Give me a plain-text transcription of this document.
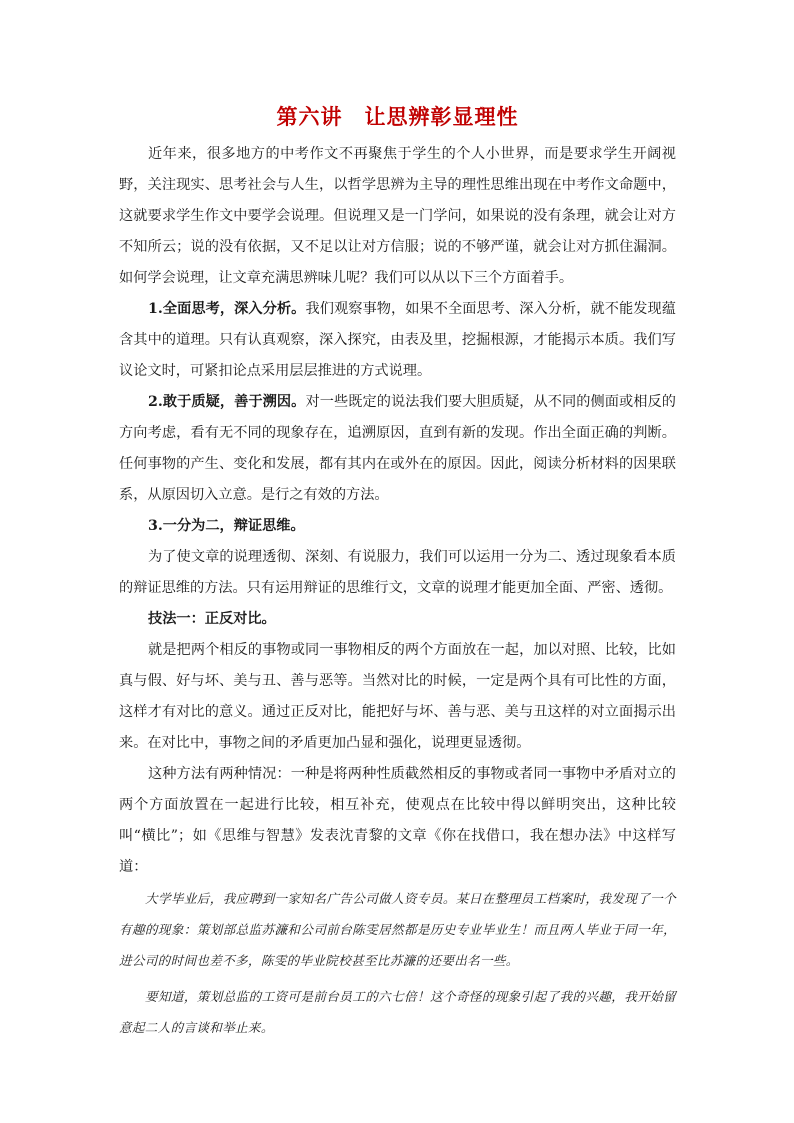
第六讲　让思辨彰显理性

近年来，很多地方的中考作文不再聚焦于学生的个人小世界，而是要求学生开阔视野，关注现实、思考社会与人生，以哲学思辨为主导的理性思维出现在中考作文命题中，这就要求学生作文中要学会说理。但说理又是一门学问，如果说的没有条理，就会让对方不知所云；说的没有依据，又不足以让对方信服；说的不够严谨，就会让对方抓住漏洞。如何学会说理，让文章充满思辨味儿呢？我们可以从以下三个方面着手。

1.全面思考，深入分析。我们观察事物，如果不全面思考、深入分析，就不能发现蕴含其中的道理。只有认真观察，深入探究，由表及里，挖掘根源，才能揭示本质。我们写议论文时，可紧扣论点采用层层推进的方式说理。

2.敢于质疑，善于溯因。对一些既定的说法我们要大胆质疑，从不同的侧面或相反的方向考虑，看有无不同的现象存在，追溯原因，直到有新的发现。作出全面正确的判断。任何事物的产生、变化和发展，都有其内在或外在的原因。因此，阅读分析材料的因果联系，从原因切入立意。是行之有效的方法。

3.一分为二，辩证思维。

为了使文章的说理透彻、深刻、有说服力，我们可以运用一分为二、透过现象看本质的辩证思维的方法。只有运用辩证的思维行文，文章的说理才能更加全面、严密、透彻。

技法一：正反对比。

就是把两个相反的事物或同一事物相反的两个方面放在一起，加以对照、比较，比如真与假、好与坏、美与丑、善与恶等。当然对比的时候，一定是两个具有可比性的方面，这样才有对比的意义。通过正反对比，能把好与坏、善与恶、美与丑这样的对立面揭示出来。在对比中，事物之间的矛盾更加凸显和强化，说理更显透彻。

这种方法有两种情况：一种是将两种性质截然相反的事物或者同一事物中矛盾对立的两个方面放置在一起进行比较，相互补充，使观点在比较中得以鲜明突出，这种比较叫“横比”；如《思维与智慧》发表沈青黎的文章《你在找借口，我在想办法》中这样写道：

大学毕业后，我应聘到一家知名广告公司做人资专员。某日在整理员工档案时，我发现了一个有趣的现象：策划部总监苏濂和公司前台陈雯居然都是历史专业毕业生！而且两人毕业于同一年，进公司的时间也差不多，陈雯的毕业院校甚至比苏濂的还要出名一些。

要知道，策划总监的工资可是前台员工的六七倍！这个奇怪的现象引起了我的兴趣，我开始留意起二人的言谈和举止来。
